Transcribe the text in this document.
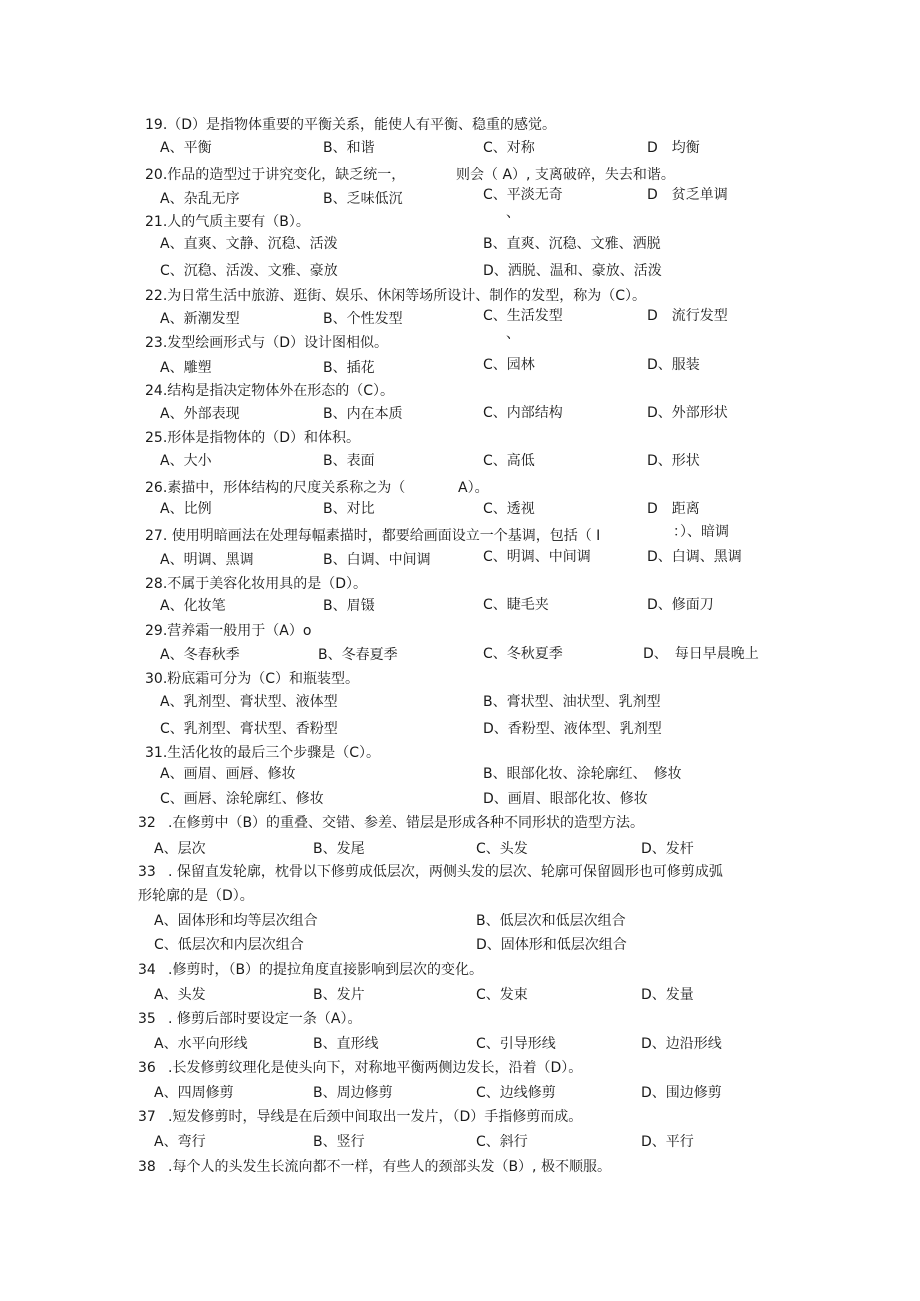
19.（D）是指物体重要的平衡关系，能使人有平衡、稳重的感觉。
A、平衡	B、和谐	C、对称	D　均衡
20.作品的造型过于讲究变化，缺乏统一，	则会（ A）, 支离破碎，失去和谐。
A、杂乱无序	B、乏味低沉	C、平淡无奇	D　贫乏单调
、
21.人的气质主要有（B）。
A、直爽、文静、沉稳、活泼	B、直爽、沉稳、文雅、洒脱
C、沉稳、活泼、文雅、豪放	D、洒脱、温和、豪放、活泼
22.为日常生活中旅游、逛街、娱乐、休闲等场所设计、制作的发型，称为（C）。
A、新潮发型	B、个性发型	C、生活发型	D　流行发型
、
23.发型绘画形式与（D）设计图相似。
A、雕塑	B、插花	C、园林	D、服装
24.结构是指决定物体外在形态的（C）。
A、外部表现	B、内在本质	C、内部结构	D、外部形状
25.形体是指物体的（D）和体积。
A、大小	B、表面	C、高低	D、形状
26.素描中，形体结构的尺度关系称之为（	A）。
A、比例	B、对比	C、透视	D　距离
27. 使用明暗画法在处理每幅素描时，都要给画面设立一个基调，包括（ I	：）、暗调
A、明调、黑调	B、白调、中间调	C、明调、中间调	D、白调、黑调
28.不属于美容化妆用具的是（D）。
A、化妆笔	B、眉镊	C、睫毛夹	D、修面刀
29.营养霜一般用于（A）o
A、冬春秋季	B、冬春夏季	C、冬秋夏季	D、　每日早晨晚上
30.粉底霜可分为（C）和瓶装型。
A、乳剂型、膏状型、液体型	B、膏状型、油状型、乳剂型
C、乳剂型、膏状型、香粉型	D、香粉型、液体型、乳剂型
31.生活化妆的最后三个步骤是（C）。
A、画眉、画唇、修妆	B、眼部化妆、涂轮廓红、　修妆
C、画唇、涂轮廓红、修妆	D、画眉、眼部化妆、修妆
32 .在修剪中（B）的重叠、交错、参差、错层是形成各种不同形状的造型方法。
A、层次	B、发尾	C、头发	D、发杆
33 . 保留直发轮廓，枕骨以下修剪成低层次，两侧头发的层次、轮廓可保留圆形也可修剪成弧
形轮廓的是（D）。
A、固体形和均等层次组合	B、低层次和低层次组合
C、低层次和内层次组合	D、固体形和低层次组合
34 .修剪时，（B）的提拉角度直接影响到层次的变化。
A、头发	B、发片	C、发束	D、发量
35 . 修剪后部时要设定一条（A）。
A、水平向形线	B、直形线	C、引导形线	D、边沿形线
36 .长发修剪纹理化是使头向下，对称地平衡两侧边发长，沿着（D）。
A、四周修剪	B、周边修剪	C、边线修剪	D、围边修剪
37 .短发修剪时，导线是在后颈中间取出一发片，（D）手指修剪而成。
A、弯行	B、竖行	C、斜行	D、平行
38 .每个人的头发生长流向都不一样，有些人的颈部头发（B）, 极不顺服。
